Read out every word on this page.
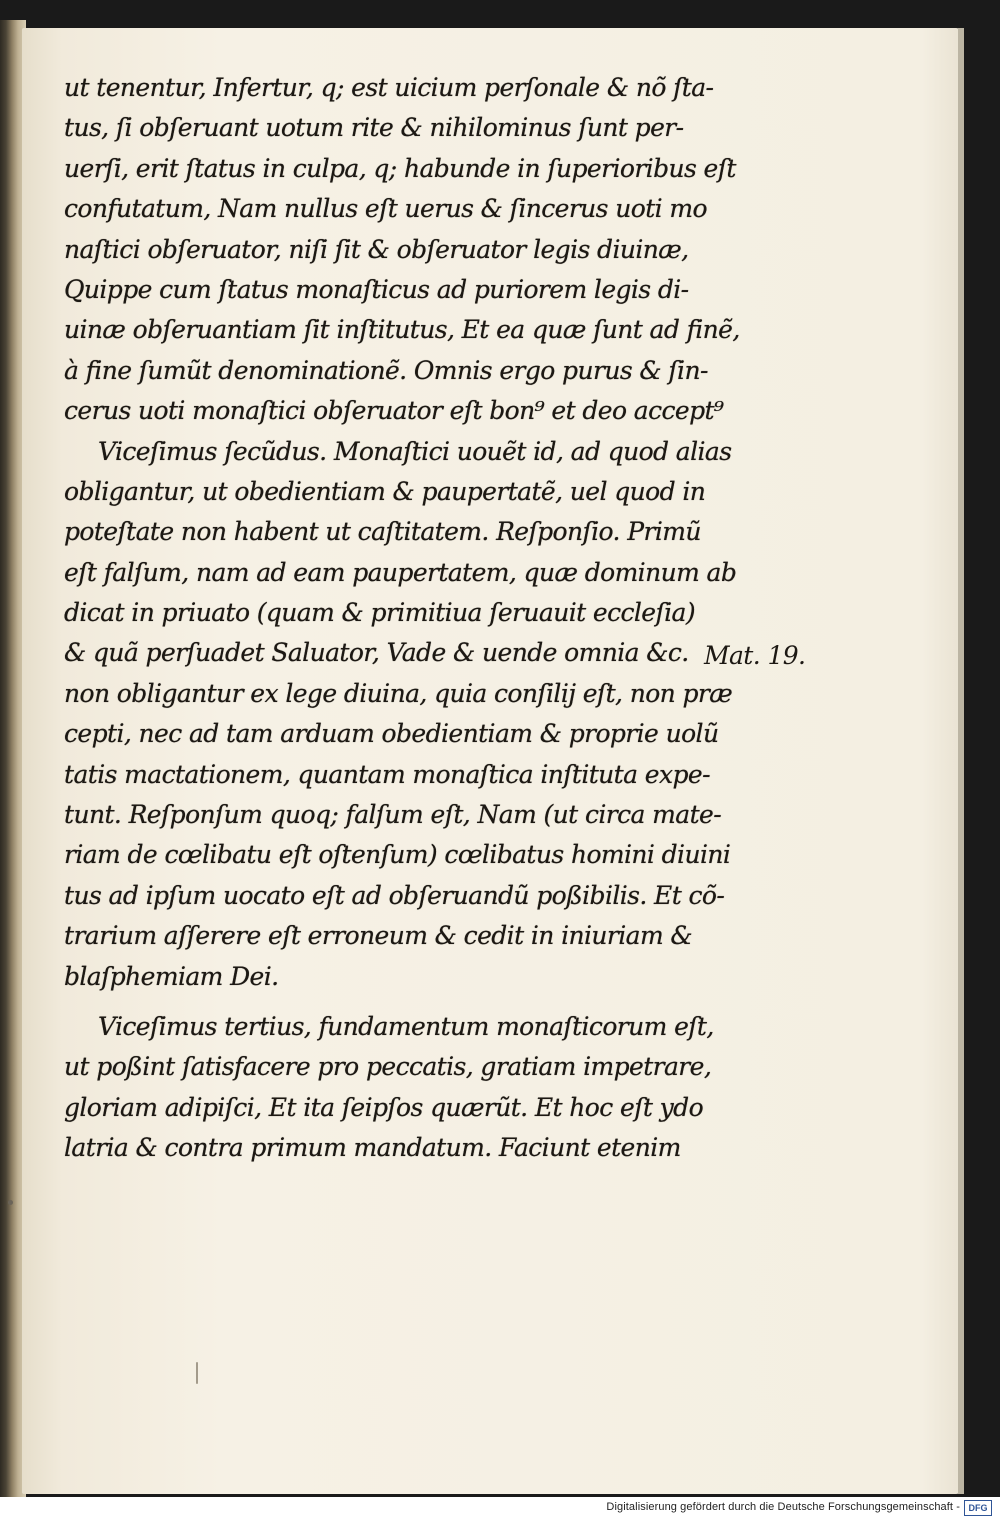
ut tenentur, Infertur, q; est uicium perſonale & nõ ſta-
tus, ſi obſeruant uotum rite & nihilominus ſunt per-
uerſi, erit ſtatus in culpa, q; habunde in ſuperioribus eſt
confutatum, Nam nullus eſt uerus & ſincerus uoti mo
naſtici obſeruator, niſi ſit & obſeruator legis diuinæ,
Quippe cum ſtatus monaſticus ad puriorem legis di-
uinæ obſeruantiam ſit inſtitutus, Et ea quæ ſunt ad finẽ,
à fine ſumũt denominationẽ. Omnis ergo purus & ſin-
cerus uoti monaſtici obſeruator eſt bon⁹ et deo accept⁹
Viceſimus ſecũdus. Monaſtici uouẽt id, ad quod alias
obligantur, ut obedientiam & paupertatẽ, uel quod in
poteſtate non habent ut caſtitatem. Reſponſio. Primũ
eſt falſum, nam ad eam paupertatem, quæ dominum ab
dicat in priuato (quam & primitiua ſeruauit eccleſia)
& quã perſuadet Saluator, Vade & uende omnia &c.
non obligantur ex lege diuina, quia conſilij eſt, non præ
cepti, nec ad tam arduam obedientiam & proprie uolũ
tatis mactationem, quantam monaſtica inſtituta expe-
tunt. Reſponſum quoq; falſum eſt, Nam (ut circa mate-
riam de cœlibatu eſt oſtenſum) cœlibatus homini diuini
tus ad ipſum uocato eſt ad obſeruandũ poßibilis. Et cõ-
trarium aſſerere eſt erroneum & cedit in iniuriam &
blaſphemiam Dei.
Viceſimus tertius, fundamentum monaſticorum eſt,
ut poßint ſatisfacere pro peccatis, gratiam impetrare,
gloriam adipiſci, Et ita ſeipſos quærũt. Et hoc eſt ydo
latria & contra primum mandatum. Faciunt etenim
Mat. 19.
Digitalisierung gefördert durch die Deutsche Forschungsgemeinschaft - DFG
